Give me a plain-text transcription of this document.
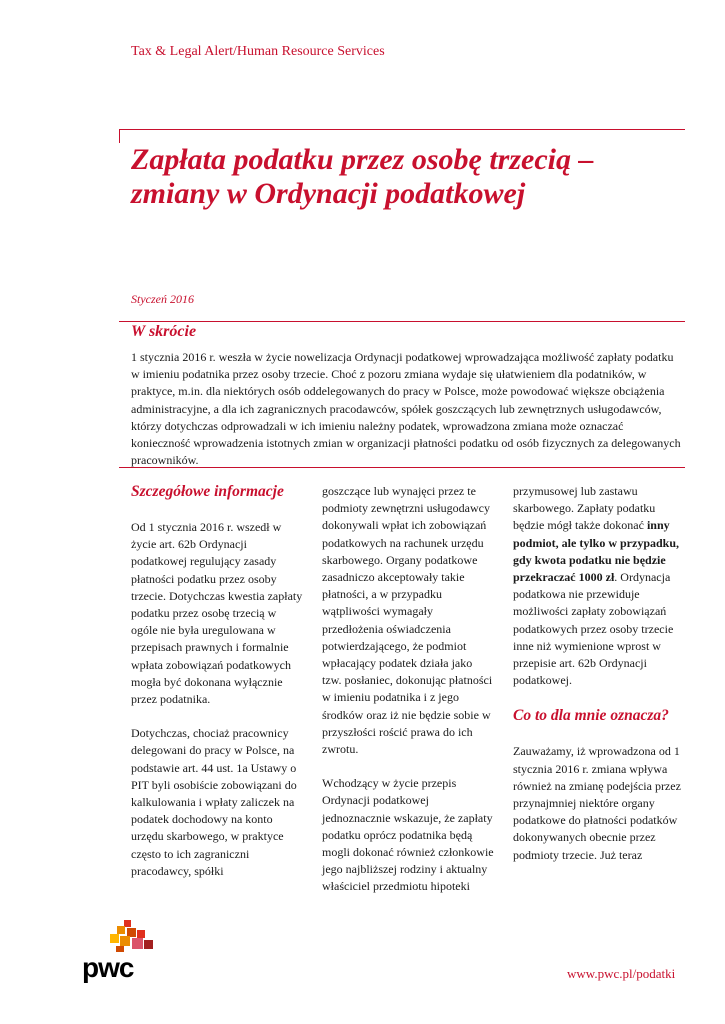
Tax & Legal Alert/Human Resource Services
Zapłata podatku przez osobę trzecią – zmiany w Ordynacji podatkowej
Styczeń 2016
W skrócie

1 stycznia 2016 r. weszła w życie nowelizacja Ordynacji podatkowej wprowadzająca możliwość zapłaty podatku w imieniu podatnika przez osoby trzecie. Choć z pozoru zmiana wydaje się ułatwieniem dla podatników, w praktyce, m.in. dla niektórych osób oddelegowanych do pracy w Polsce, może powodować większe obciążenia administracyjne, a dla ich zagranicznych pracodawców, spółek goszczących lub zewnętrznych usługodawców, którzy dotychczas odprowadzali w ich imieniu należny podatek, wprowadzona zmiana może oznaczać konieczność wprowadzenia istotnych zmian w organizacji płatności podatku od osób fizycznych za delegowanych pracowników.

Szczegółowe informacje

Od 1 stycznia 2016 r. wszedł w życie art. 62b Ordynacji podatkowej regulujący zasady płatności podatku przez osoby trzecie. Dotychczas kwestia zapłaty podatku przez osobę trzecią w ogóle nie była uregulowana w przepisach prawnych i formalnie wpłata zobowiązań podatkowych mogła być dokonana wyłącznie przez podatnika.

Dotychczas, chociaż pracownicy delegowani do pracy w Polsce, na podstawie art. 44 ust. 1a Ustawy o PIT byli osobiście zobowiązani do kalkulowania i wpłaty zaliczek na podatek dochodowy na konto urzędu skarbowego, w praktyce często to ich zagraniczni pracodawcy, spółki

goszczące lub wynajęci przez te podmioty zewnętrzni usługodawcy dokonywali wpłat ich zobowiązań podatkowych na rachunek urzędu skarbowego. Organy podatkowe zasadniczo akceptowały takie płatności, a w przypadku wątpliwości wymagały przedłożenia oświadczenia potwierdzającego, że podmiot wpłacający podatek działa jako tzw. posłaniec, dokonując płatności w imieniu podatnika i z jego środków oraz iż nie będzie sobie w przyszłości rościć prawa do ich zwrotu.

Wchodzący w życie przepis Ordynacji podatkowej jednoznacznie wskazuje, że zapłaty podatku oprócz podatnika będą mogli dokonać również członkowie jego najbliższej rodziny i aktualny właściciel przedmiotu hipoteki

przymusowej lub zastawu skarbowego. Zapłaty podatku będzie mógł także dokonać inny podmiot, ale tylko w przypadku, gdy kwota podatku nie będzie przekraczać 1000 zł. Ordynacja podatkowa nie przewiduje możliwości zapłaty zobowiązań podatkowych przez osoby trzecie inne niż wymienione wprost w przepisie art. 62b Ordynacji podatkowej.

Co to dla mnie oznacza?

Zauważamy, iż wprowadzona od 1 stycznia 2016 r. zmiana wpływa również na zmianę podejścia przez przynajmniej niektóre organy podatkowe do płatności podatków dokonywanych obecnie przez podmioty trzecie. Już teraz

pwc	www.pwc.pl/podatki
